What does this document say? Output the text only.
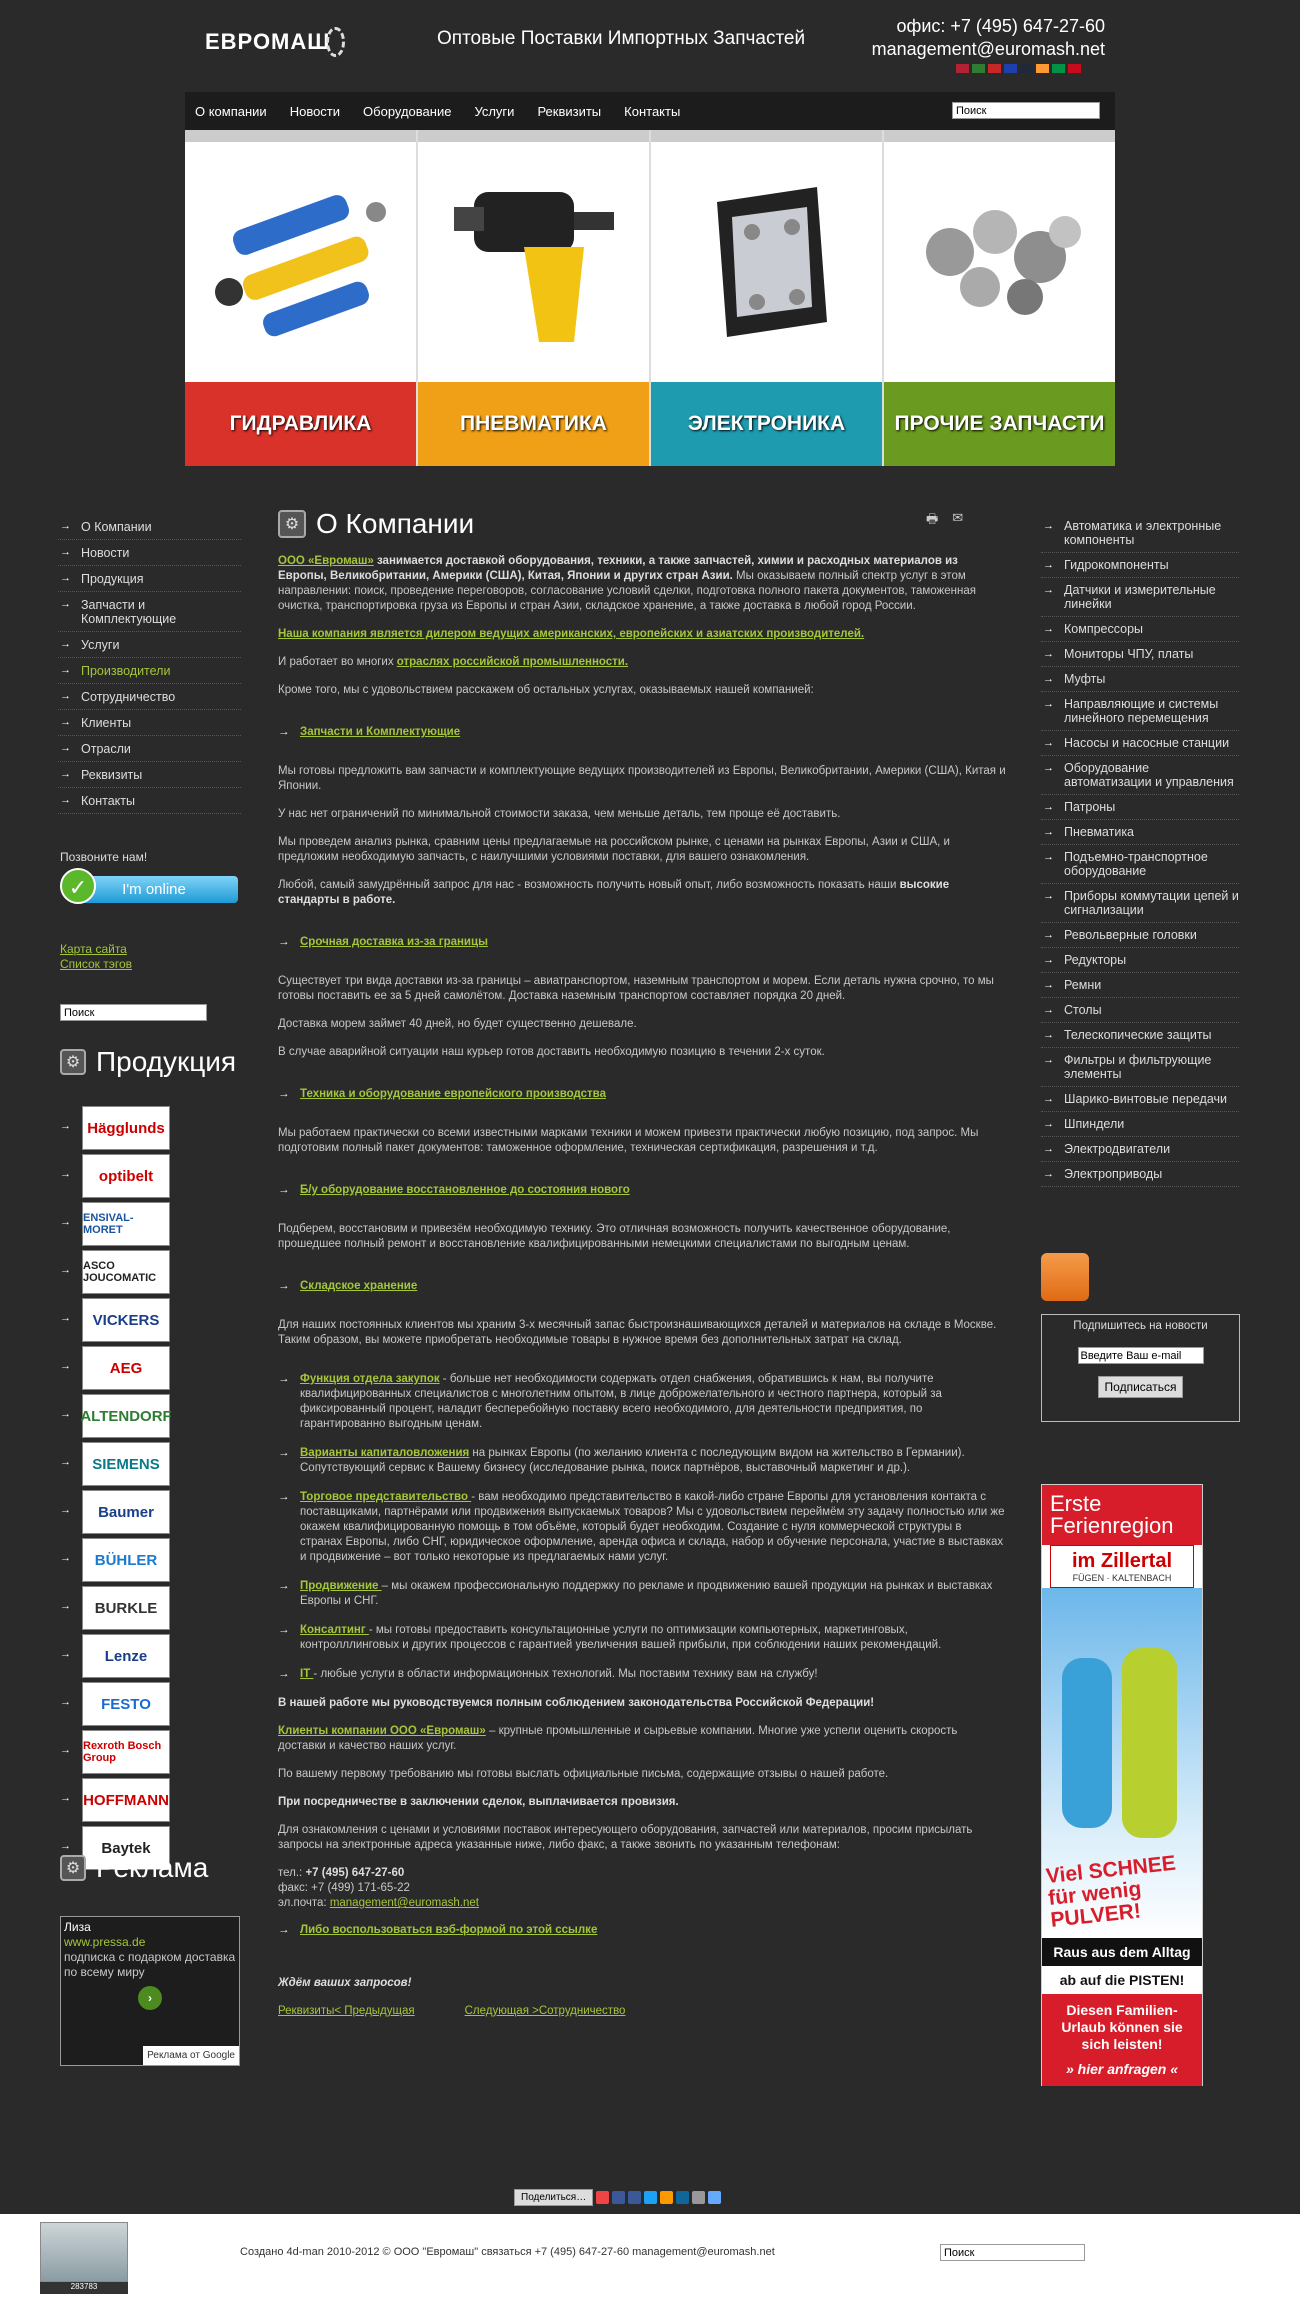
ЕВРОМАШ	Оптовые Поставки Импортных Запчастей
офис: +7 (495) 647-27-60
management@euromash.net
О компании Новости Оборудование Услуги Реквизиты Контакты
Поиск
ГИДРАВЛИКА	ПНЕВМАТИКА	ЭЛЕКТРОНИКА	ПРОЧИЕ ЗАПЧАСТИ
→ О Компании
→ Новости
→ Продукция
→ Запчасти и Комплектующие
→ Услуги
→ Производители
→ Сотрудничество
→ Клиенты
→ Отрасли
→ Реквизиты
→ Контакты
Позвоните нам!
I'm online
✓
Карта сайта
Список тэгов
Поиск
⚙ Продукция
→ Hägglunds
→ optibelt
→ ENSIVAL-MORET
→ ASCO JOUCOMATIC
→ VICKERS
→ AEG
→ ALTENDORF
→ SIEMENS
→ Baumer
→ BÜHLER
→ BURKLE
→ Lenze
→ FESTO
→ Rexroth Bosch Group
→ HOFFMANN
→ Baytek
⚙ Реклама
Лиза
www.pressa.de
подписка с подарком доставка по всему миру
›
Реклама от Google
🖶 ✉
⚙ О Компании

ООО «Евромаш» занимается доставкой оборудования, техники, а также запчастей, химии и расходных материалов из Европы, Великобритании, Америки (США), Китая, Японии и других стран Азии. Мы оказываем полный спектр услуг в этом направлении: поиск, проведение переговоров, согласование условий сделки, подготовка полного пакета документов, таможенная очистка, транспортировка груза из Европы и стран Азии, складское хранение, а также доставка в любой город России.

Наша компания является дилером ведущих американских, европейских и азиатских производителей.

И работает во многих отраслях российской промышленности.

Кроме того, мы с удовольствием расскажем об остальных услугах, оказываемых нашей компанией:

→ Запчасти и Комплектующие

Мы готовы предложить вам запчасти и комплектующие ведущих производителей из Европы, Великобритании, Америки (США), Китая и Японии.

У нас нет ограничений по минимальной стоимости заказа, чем меньше деталь, тем проще её доставить.

Мы проведем анализ рынка, сравним цены предлагаемые на российском рынке, с ценами на рынках Европы, Азии и США, и предложим необходимую запчасть, с наилучшими условиями поставки, для вашего ознакомления.

Любой, самый замудрённый запрос для нас - возможность получить новый опыт, либо возможность показать наши высокие стандарты в работе.

→ Срочная доставка из-за границы

Существует три вида доставки из-за границы – авиатранспортом, наземным транспортом и морем. Если деталь нужна срочно, то мы готовы поставить ее за 5 дней самолётом. Доставка наземным транспортом составляет порядка 20 дней.

Доставка морем займет 40 дней, но будет существенно дешевале.

В случае аварийной ситуации наш курьер готов доставить необходимую позицию в течении 2-х суток.

→ Техника и оборудование европейского производства

Мы работаем практически со всеми известными марками техники и можем привезти практически любую позицию, под запрос. Мы подготовим полный пакет документов: таможенное оформление, техническая сертификация, разрешения и т.д.

→ Б/у оборудование восстановленное до состояния нового

Подберем, восстановим и привезём необходимую технику. Это отличная возможность получить качественное оборудование, прошедшее полный ремонт и восстановление квалифицированными немецкими специалистами по выгодным ценам.

→ Складское хранение

Для наших постоянных клиентов мы храним 3-х месячный запас быстроизнашивающихся деталей и материалов на складе в Москве. Таким образом, вы можете приобретать необходимые товары в нужное время без дополнительных затрат на склад.

→ Функция отдела закупок - больше нет необходимости содержать отдел снабжения, обратившись к нам, вы получите квалифицированных специалистов с многолетним опытом, в лице доброжелательного и честного партнера, который за фиксированный процент, наладит бесперебойную поставку всего необходимого, для деятельности предприятия, по гарантированно выгодным ценам.
→ Варианты капиталовложения на рынках Европы (по желанию клиента с последующим видом на жительство в Германии). Сопутствующий сервис к Вашему бизнесу (исследование рынка, поиск партнёров, выставочный маркетинг и др.).
→ Торговое представительство - вам необходимо представительство в какой-либо стране Европы для установления контакта с поставщиками, партнёрами или продвижения выпускаемых товаров? Мы с удовольствием переймём эту задачу полностью или же окажем квалифицированную помощь в том объёме, который будет необходим. Создание с нуля коммерческой структуры в странах Европы, либо СНГ, юридическое оформление, аренда офиса и склада, набор и обучение персонала, участие в выставках и продвижение – вот только некоторые из предлагаемых нами услуг.
→ Продвижение – мы окажем профессиональную поддержку по рекламе и продвижению вашей продукции на рынках и выставках Европы и СНГ.
→ Консалтинг - мы готовы предоставить консультационные услуги по оптимизации компьютерных, маркетинговых, контролллинговых и других процессов с гарантией увеличения вашей прибыли, при соблюдении наших рекомендаций.
→ IT - любые услуги в области информационных технологий. Мы поставим технику вам на службу!

В нашей работе мы руководствуемся полным соблюдением законодательства Российской Федерации!

Клиенты компании ООО «Евромаш» – крупные промышленные и сырьевые компании. Многие уже успели оценить скорость доставки и качество наших услуг.

По вашему первому требованию мы готовы выслать официальные письма, содержащие отзывы о нашей работе.

При посредничестве в заключении сделок, выплачивается провизия.

Для ознакомления с ценами и условиями поставок интересующего оборудования, запчастей или материалов, просим присылать запросы на электронные адреса указанные ниже, либо факс, а также звонить по указанным телефонам:

тел.: +7 (495) 647-27-60
факс: +7 (499) 171-65-22
эл.почта: management@euromash.net

→ Либо воспользоваться вэб-формой по этой ссылке

Ждём ваших запросов!

Реквизиты< Предыдущая	Следующая >Сотрудничество
→ Автоматика и электронные компоненты
→ Гидрокомпоненты
→ Датчики и измерительные линейки
→ Компрессоры
→ Мониторы ЧПУ, платы
→ Муфты
→ Направляющие и системы линейного перемещения
→ Насосы и насосные станции
→ Оборудование автоматизации и управления
→ Патроны
→ Пневматика
→ Подъемно-транспортное оборудование
→ Приборы коммутации цепей и сигнализации
→ Револьверные головки
→ Редукторы
→ Ремни
→ Столы
→ Телескопические защиты
→ Фильтры и фильтрующие элементы
→ Шарико-винтовые передачи
→ Шпиндели
→ Электродвигатели
→ Электроприводы
Подпишитесь на новости
Введите Ваш e-mail Подписаться
Erste Ferienregion
im Zillertal
FÜGEN · KALTENBACH
Viel SCHNEE für wenig PULVER!
Raus aus dem Alltag
ab auf die PISTEN!
Diesen Familien-Urlaub können sie sich leisten!
» hier anfragen «
Поделиться…
283783
Создано 4d-man 2010-2012 © ООО "Евромаш" связаться +7 (495) 647-27-60 management@euromash.net
Поиск
